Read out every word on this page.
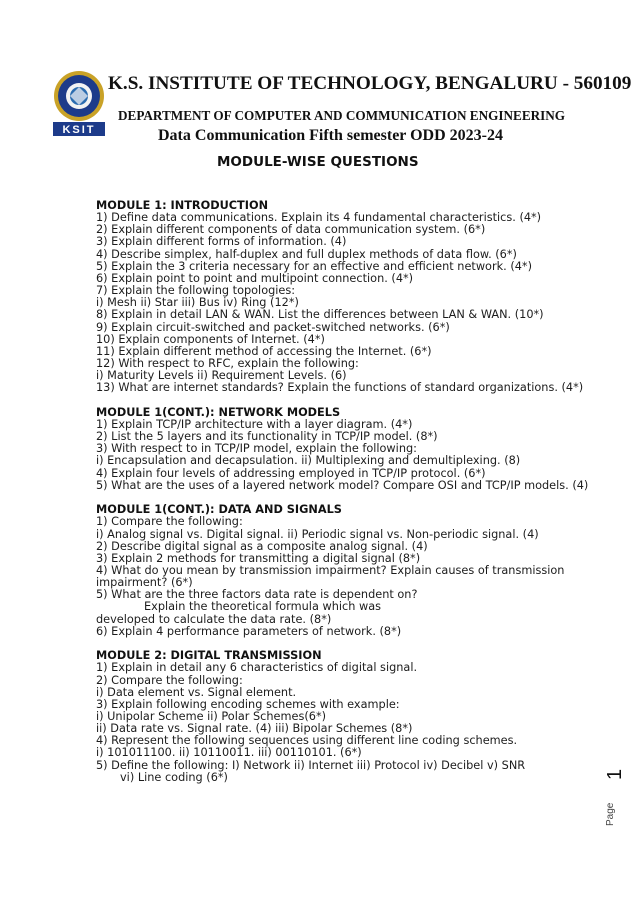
KSIT
K.S. INSTITUTE OF TECHNOLOGY, BENGALURU - 560109
DEPARTMENT OF COMPUTER AND COMMUNICATION ENGINEERING
Data Communication Fifth semester ODD 2023-24
MODULE-WISE QUESTIONS
MODULE 1: INTRODUCTION
1) Define data communications. Explain its 4 fundamental characteristics. (4*)
2) Explain different components of data communication system. (6*)
3) Explain different forms of information. (4)
4) Describe simplex, half-duplex and full duplex methods of data flow. (6*)
5) Explain the 3 criteria necessary for an effective and efficient network. (4*)
6) Explain point to point and multipoint connection. (4*)
7) Explain the following topologies:
i) Mesh ii) Star iii) Bus iv) Ring (12*)
8) Explain in detail LAN & WAN. List the differences between LAN & WAN. (10*)
9) Explain circuit-switched and packet-switched networks. (6*)
10) Explain components of Internet. (4*)
11) Explain different method of accessing the Internet. (6*)
12) With respect to RFC, explain the following:
i) Maturity Levels ii) Requirement Levels. (6)
13) What are internet standards? Explain the functions of standard organizations. (4*)
MODULE 1(CONT.): NETWORK MODELS
1) Explain TCP/IP architecture with a layer diagram. (4*)
2) List the 5 layers and its functionality in TCP/IP model. (8*)
3) With respect to in TCP/IP model, explain the following:
i) Encapsulation and decapsulation. ii) Multiplexing and demultiplexing. (8)
4) Explain four levels of addressing employed in TCP/IP protocol. (6*)
5) What are the uses of a layered network model? Compare OSI and TCP/IP models. (4)
MODULE 1(CONT.): DATA AND SIGNALS
1) Compare the following:
i) Analog signal vs. Digital signal. ii) Periodic signal vs. Non-periodic signal. (4)
2) Describe digital signal as a composite analog signal. (4)
3) Explain 2 methods for transmitting a digital signal (8*)
4) What do you mean by transmission impairment? Explain causes of transmission
impairment? (6*)
5) What are the three factors data rate is dependent on?
Explain the theoretical formula which was
developed to calculate the data rate. (8*)
6) Explain 4 performance parameters of network. (8*)
MODULE 2: DIGITAL TRANSMISSION
1) Explain in detail any 6 characteristics of digital signal.
2) Compare the following:
i) Data element vs. Signal element.
3) Explain following encoding schemes with example:
i) Unipolar Scheme ii) Polar Schemes(6*)
ii) Data rate vs. Signal rate. (4) iii) Bipolar Schemes (8*)
4) Represent the following sequences using different line coding schemes.
i) 101011100. ii) 10110011. iii) 00110101. (6*)
5) Define the following: I) Network ii) Internet iii) Protocol iv) Decibel v) SNR
vi) Line coding (6*)	1
Page
